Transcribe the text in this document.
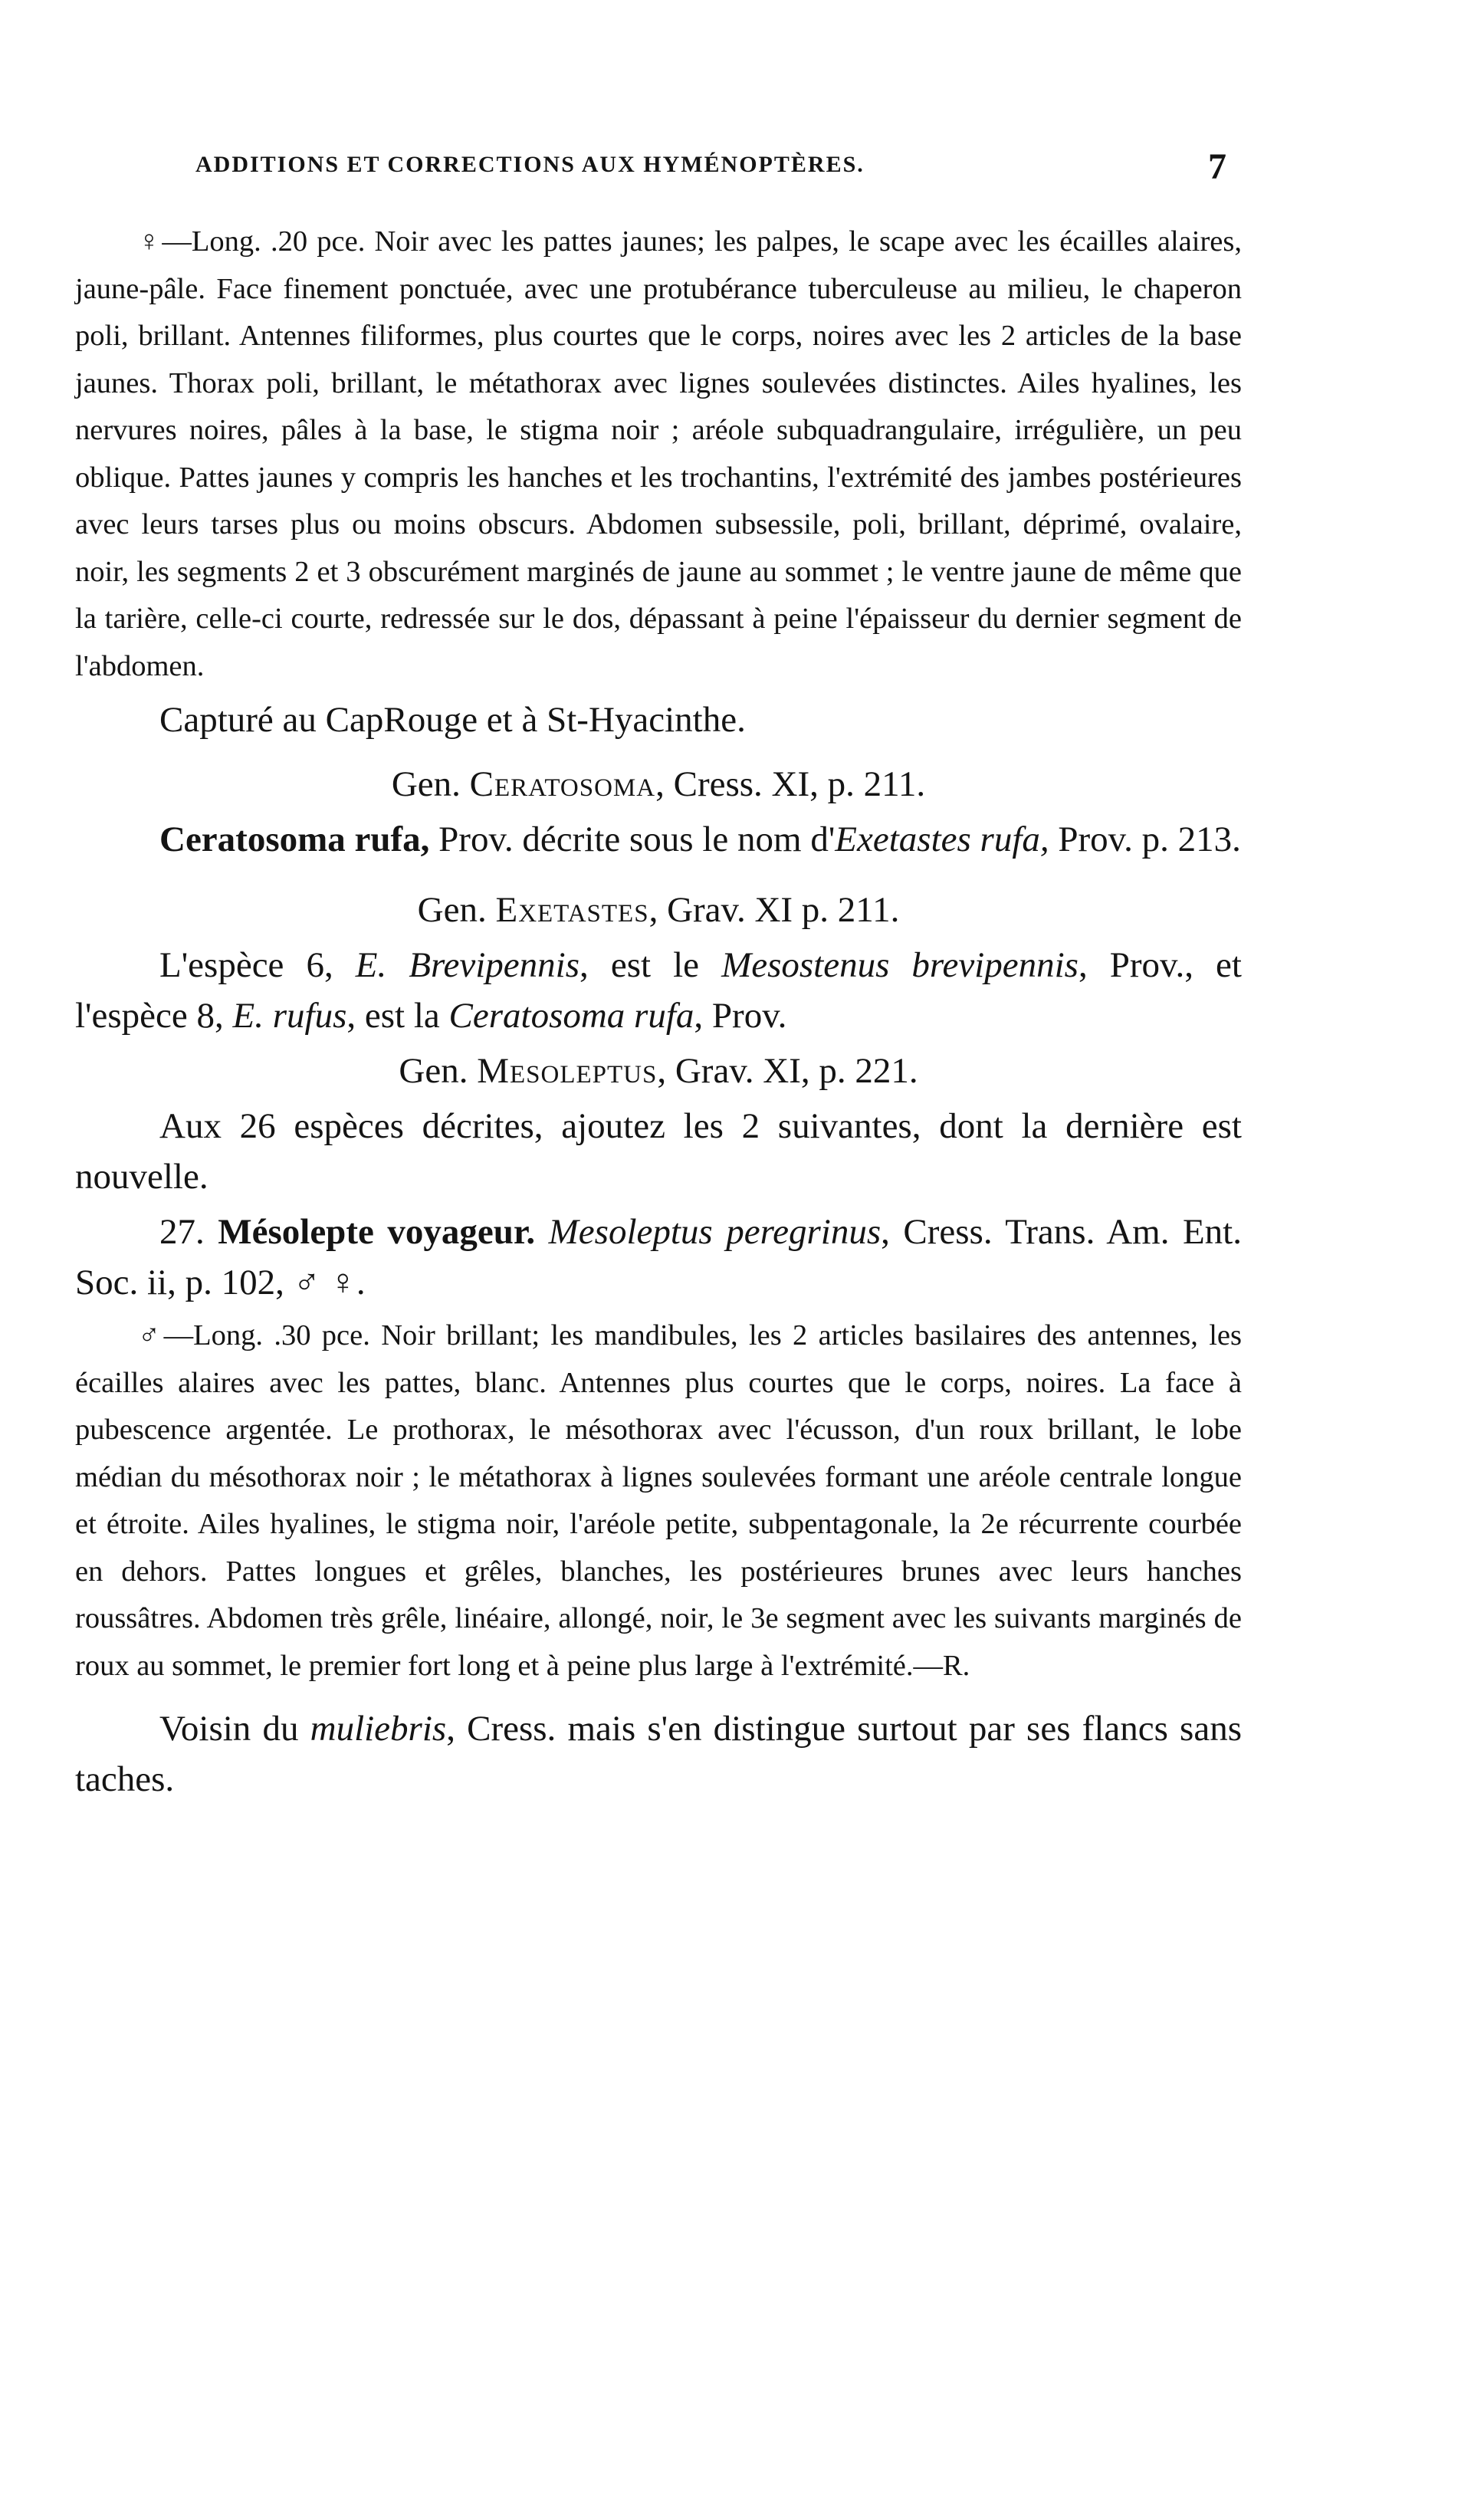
ADDITIONS ET CORRECTIONS AUX HYMÉNOPTÈRES.	7

♀—Long. .20 pce. Noir avec les pattes jaunes; les palpes, le scape avec les écailles alaires, jaune-pâle. Face finement ponctuée, avec une protubérance tuberculeuse au milieu, le chaperon poli, brillant. Antennes filiformes, plus courtes que le corps, noires avec les 2 articles de la base jaunes. Thorax poli, brillant, le métathorax avec lignes soulevées distinctes. Ailes hyalines, les nervures noires, pâles à la base, le stigma noir ; aréole subquadrangulaire, irrégulière, un peu oblique. Pattes jaunes y compris les hanches et les trochantins, l'extrémité des jambes postérieures avec leurs tarses plus ou moins obscurs. Abdomen subsessile, poli, brillant, déprimé, ovalaire, noir, les segments 2 et 3 obscurément marginés de jaune au sommet ; le ventre jaune de même que la tarière, celle-ci courte, redressée sur le dos, dépassant à peine l'épaisseur du dernier segment de l'abdomen.

Capturé au CapRouge et à St-Hyacinthe.

Gen. Ceratosoma, Cress. XI, p. 211.

Ceratosoma rufa, Prov. décrite sous le nom d'Exetastes rufa, Prov. p. 213.

Gen. Exetastes, Grav. XI p. 211.

L'espèce 6, E. Brevipennis, est le Mesostenus brevipennis, Prov., et l'espèce 8, E. rufus, est la Ceratosoma rufa, Prov.

Gen. Mesoleptus, Grav. XI, p. 221.

Aux 26 espèces décrites, ajoutez les 2 suivantes, dont la dernière est nouvelle.

27. Mésolepte voyageur. Mesoleptus peregrinus, Cress. Trans. Am. Ent. Soc. ii, p. 102, ♂ ♀.

♂—Long. .30 pce. Noir brillant; les mandibules, les 2 articles basilaires des antennes, les écailles alaires avec les pattes, blanc. Antennes plus courtes que le corps, noires. La face à pubescence argentée. Le prothorax, le mésothorax avec l'écusson, d'un roux brillant, le lobe médian du mésothorax noir ; le métathorax à lignes soulevées formant une aréole centrale longue et étroite. Ailes hyalines, le stigma noir, l'aréole petite, subpentagonale, la 2e récurrente courbée en dehors. Pattes longues et grêles, blanches, les postérieures brunes avec leurs hanches roussâtres. Abdomen très grêle, linéaire, allongé, noir, le 3e segment avec les suivants marginés de roux au sommet, le premier fort long et à peine plus large à l'extrémité.—R.

Voisin du muliebris, Cress. mais s'en distingue surtout par ses flancs sans taches.
